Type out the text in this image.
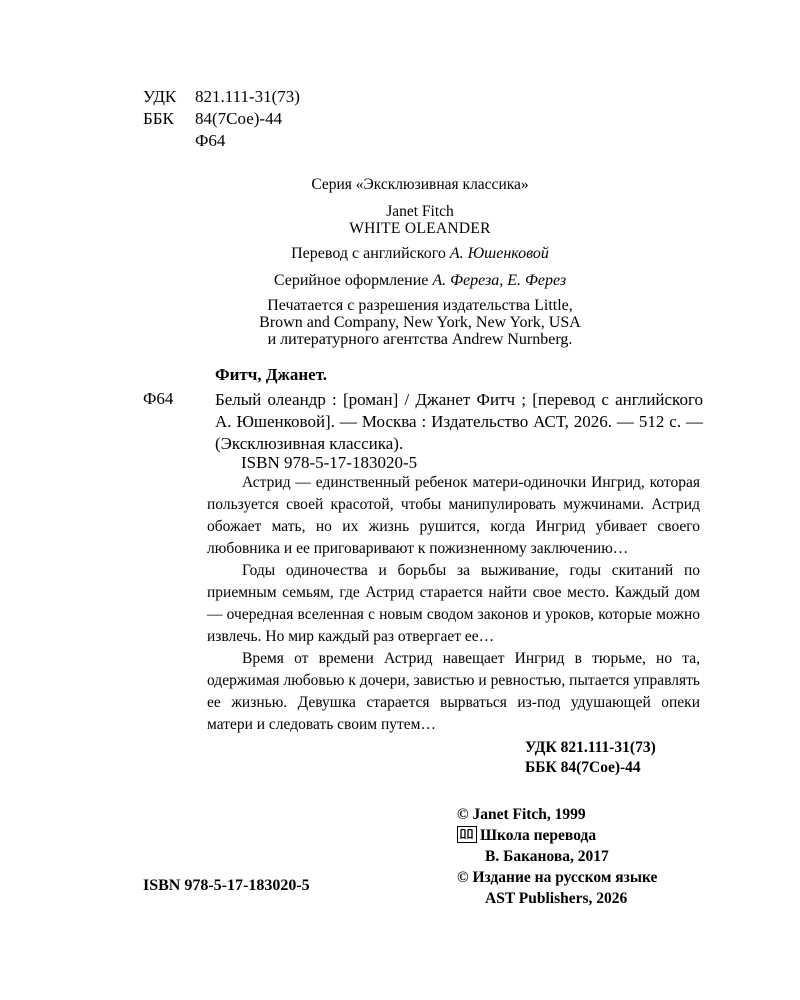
УДК 821.111-31(73)
ББК 84(7Сое)-44
Ф64
Серия «Эксклюзивная классика»
Janet Fitch
WHITE OLEANDER
Перевод с английского А. Юшенковой
Серийное оформление А. Фереза, Е. Ферез
Печатается с разрешения издательства Little,
Brown and Company, New York, New York, USA
и литературного агентства Andrew Nurnberg.
Фитч, Джанет.
Ф64 Белый олеандр : [роман] / Джанет Фитч ; [перевод с английского А. Юшенковой]. — Москва : Издательство АСТ, 2026. — 512 с. — (Эксклюзивная классика).
ISBN 978-5-17-183020-5

Астрид — единственный ребенок матери-одиночки Ингрид, которая пользуется своей красотой, чтобы манипулировать мужчинами. Астрид обожает мать, но их жизнь рушится, когда Ингрид убивает своего любовника и ее приговаривают к пожизненному заключению…

Годы одиночества и борьбы за выживание, годы скитаний по приемным семьям, где Астрид старается найти свое место. Каждый дом — очередная вселенная с новым сводом законов и уроков, которые можно извлечь. Но мир каждый раз отвергает ее…

Время от времени Астрид навещает Ингрид в тюрьме, но та, одержимая любовью к дочери, завистью и ревностью, пытается управлять ее жизнью. Девушка старается вырваться из-под удушающей опеки матери и следовать своим путем…

УДК 821.111-31(73)
ББК 84(7Сое)-44
© Janet Fitch, 1999
Школа перевода
В. Баканова, 2017
© Издание на русском языке
AST Publishers, 2026
ISBN 978-5-17-183020-5
